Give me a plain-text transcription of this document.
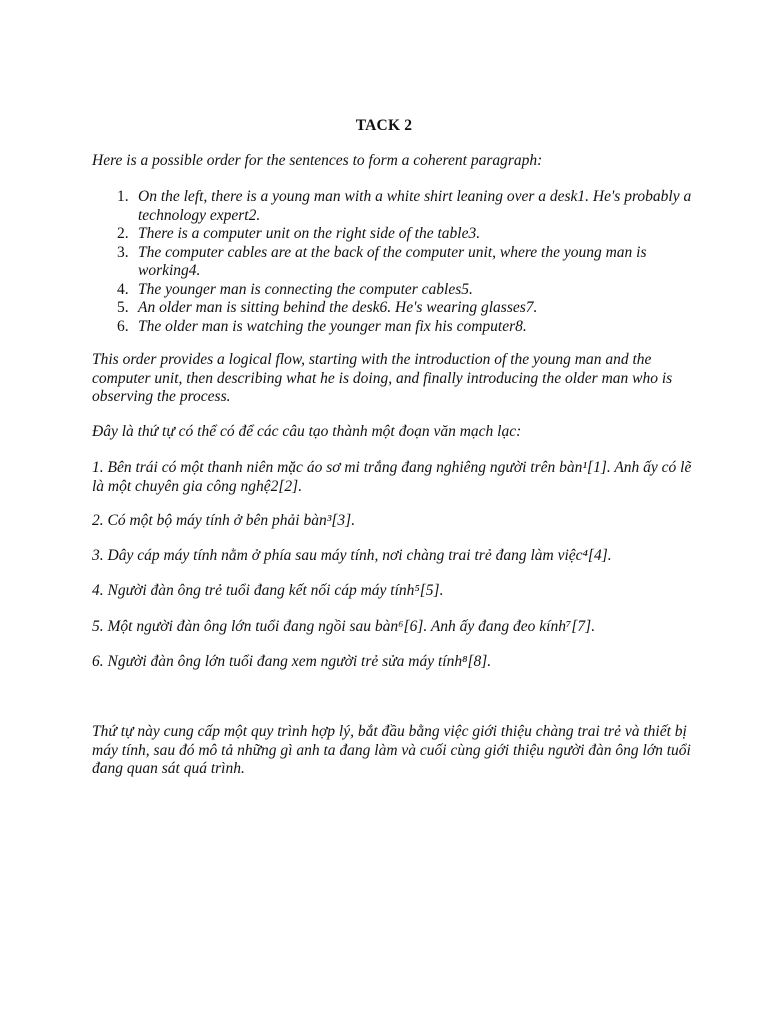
TACK 2
Here is a possible order for the sentences to form a coherent paragraph:
1. On the left, there is a young man with a white shirt leaning over a desk1. He's probably a technology expert2.
2. There is a computer unit on the right side of the table3.
3. The computer cables are at the back of the computer unit, where the young man is working4.
4. The younger man is connecting the computer cables5.
5. An older man is sitting behind the desk6. He's wearing glasses7.
6. The older man is watching the younger man fix his computer8.
This order provides a logical flow, starting with the introduction of the young man and the computer unit, then describing what he is doing, and finally introducing the older man who is observing the process.
Đây là thứ tự có thể có để các câu tạo thành một đoạn văn mạch lạc:
1. Bên trái có một thanh niên mặc áo sơ mi trắng đang nghiêng người trên bàn¹[1]. Anh ấy có lẽ là một chuyên gia công nghệ2[2].
2. Có một bộ máy tính ở bên phải bàn³[3].
3. Dây cáp máy tính nằm ở phía sau máy tính, nơi chàng trai trẻ đang làm việc⁴[4].
4. Người đàn ông trẻ tuổi đang kết nối cáp máy tính⁵[5].
5. Một người đàn ông lớn tuổi đang ngồi sau bàn⁶[6]. Anh ấy đang đeo kính⁷[7].
6. Người đàn ông lớn tuổi đang xem người trẻ sửa máy tính⁸[8].
Thứ tự này cung cấp một quy trình hợp lý, bắt đầu bằng việc giới thiệu chàng trai trẻ và thiết bị máy tính, sau đó mô tả những gì anh ta đang làm và cuối cùng giới thiệu người đàn ông lớn tuổi đang quan sát quá trình.
